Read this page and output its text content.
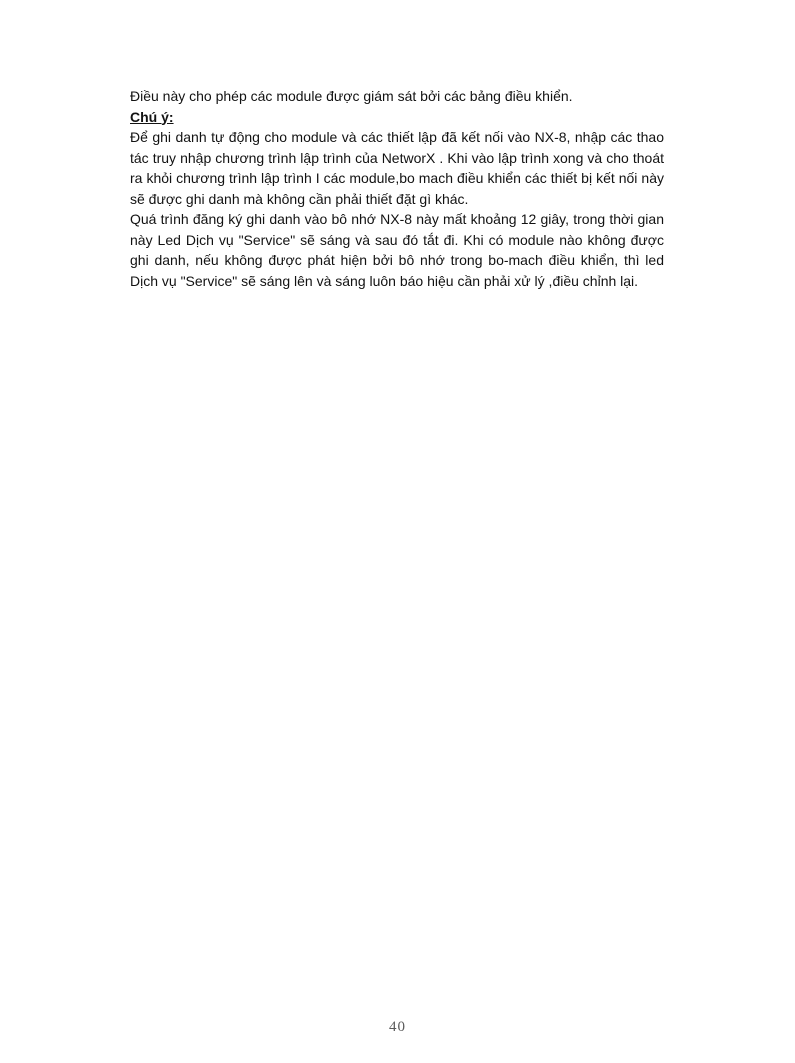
Điều này cho phép các module được giám sát bởi các bảng điều khiển.

Chú ý:

Để ghi danh tự động cho module và các thiết lập đã kết nối vào NX-8, nhập các thao
tác truy nhập chương trình lập trình của NetworX . Khi vào lập trình xong và cho thoát
ra khỏi chương trình lập trình I các module,bo mach điều khiển các thiết bị kết nối này
sẽ được ghi danh mà không cần phải thiết đặt gì khác.
Quá trình đăng ký ghi danh vào bô nhớ NX-8 này mất khoảng 12 giây, trong thời gian
này Led Dịch vụ "Service" sẽ sáng và sau đó tắt đi. Khi có module nào không được
ghi danh, nếu không được phát hiện bởi bô nhớ trong bo-mach điều khiển, thì led
Dịch vụ "Service" sẽ sáng lên và sáng luôn báo hiệu cần phải xử lý ,điều chỉnh lại.
40
